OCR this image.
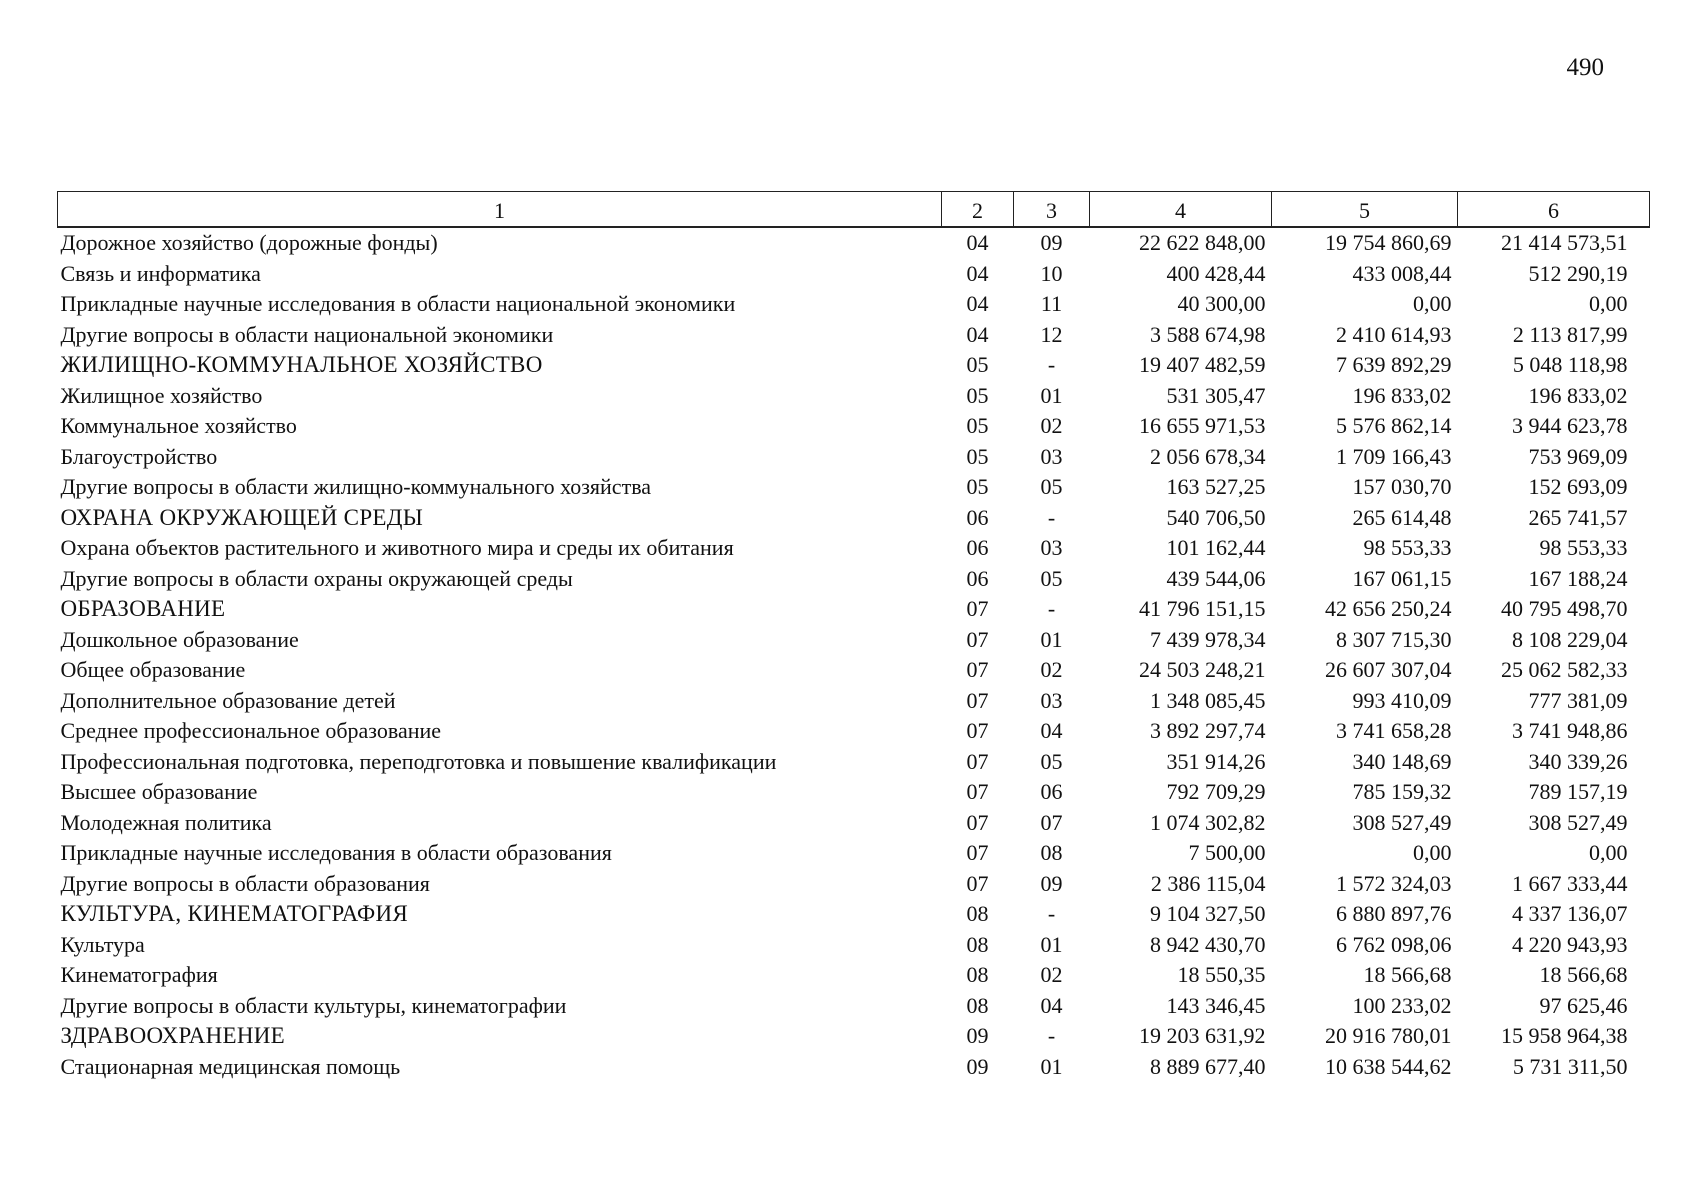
490
1	2	3	4	5	6
Дорожное хозяйство (дорожные фонды)	04	09	22 622 848,00	19 754 860,69	21 414 573,51
Связь и информатика	04	10	400 428,44	433 008,44	512 290,19
Прикладные научные исследования в области национальной экономики	04	11	40 300,00	0,00	0,00
Другие вопросы в области национальной экономики	04	12	3 588 674,98	2 410 614,93	2 113 817,99
ЖИЛИЩНО-КОММУНАЛЬНОЕ ХОЗЯЙСТВО	05	-	19 407 482,59	7 639 892,29	5 048 118,98
Жилищное хозяйство	05	01	531 305,47	196 833,02	196 833,02
Коммунальное хозяйство	05	02	16 655 971,53	5 576 862,14	3 944 623,78
Благоустройство	05	03	2 056 678,34	1 709 166,43	753 969,09
Другие вопросы в области жилищно-коммунального хозяйства	05	05	163 527,25	157 030,70	152 693,09
ОХРАНА ОКРУЖАЮЩЕЙ СРЕДЫ	06	-	540 706,50	265 614,48	265 741,57
Охрана объектов растительного и животного мира и среды их обитания	06	03	101 162,44	98 553,33	98 553,33
Другие вопросы в области охраны окружающей среды	06	05	439 544,06	167 061,15	167 188,24
ОБРАЗОВАНИЕ	07	-	41 796 151,15	42 656 250,24	40 795 498,70
Дошкольное образование	07	01	7 439 978,34	8 307 715,30	8 108 229,04
Общее образование	07	02	24 503 248,21	26 607 307,04	25 062 582,33
Дополнительное образование детей	07	03	1 348 085,45	993 410,09	777 381,09
Среднее профессиональное образование	07	04	3 892 297,74	3 741 658,28	3 741 948,86
Профессиональная подготовка, переподготовка и повышение квалификации	07	05	351 914,26	340 148,69	340 339,26
Высшее образование	07	06	792 709,29	785 159,32	789 157,19
Молодежная политика	07	07	1 074 302,82	308 527,49	308 527,49
Прикладные научные исследования в области образования	07	08	7 500,00	0,00	0,00
Другие вопросы в области образования	07	09	2 386 115,04	1 572 324,03	1 667 333,44
КУЛЬТУРА, КИНЕМАТОГРАФИЯ	08	-	9 104 327,50	6 880 897,76	4 337 136,07
Культура	08	01	8 942 430,70	6 762 098,06	4 220 943,93
Кинематография	08	02	18 550,35	18 566,68	18 566,68
Другие вопросы в области культуры, кинематографии	08	04	143 346,45	100 233,02	97 625,46
ЗДРАВООХРАНЕНИЕ	09	-	19 203 631,92	20 916 780,01	15 958 964,38
Стационарная медицинская помощь	09	01	8 889 677,40	10 638 544,62	5 731 311,50
